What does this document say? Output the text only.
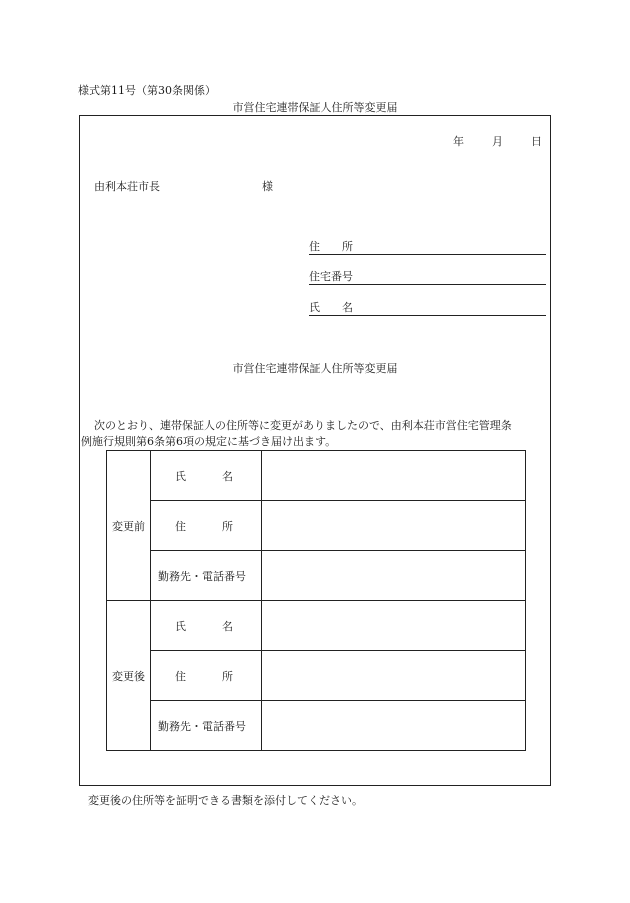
様式第11号（第30条関係）
市営住宅連帯保証人住所等変更届
年	月	日
由利本荘市長	様
住　　所
住宅番号
氏　　名
市営住宅連帯保証人住所等変更届
次のとおり、連帯保証人の住所等に変更がありましたので、由利本荘市営住宅管理条
例施行規則第6条第6項の規定に基づき届け出ます。
変更前	氏 名	

	住 所	

	勤務先・電話番号	

変更後	氏 名	

	住 所	

	勤務先・電話番号	

変更後の住所等を証明できる書類を添付してください。
